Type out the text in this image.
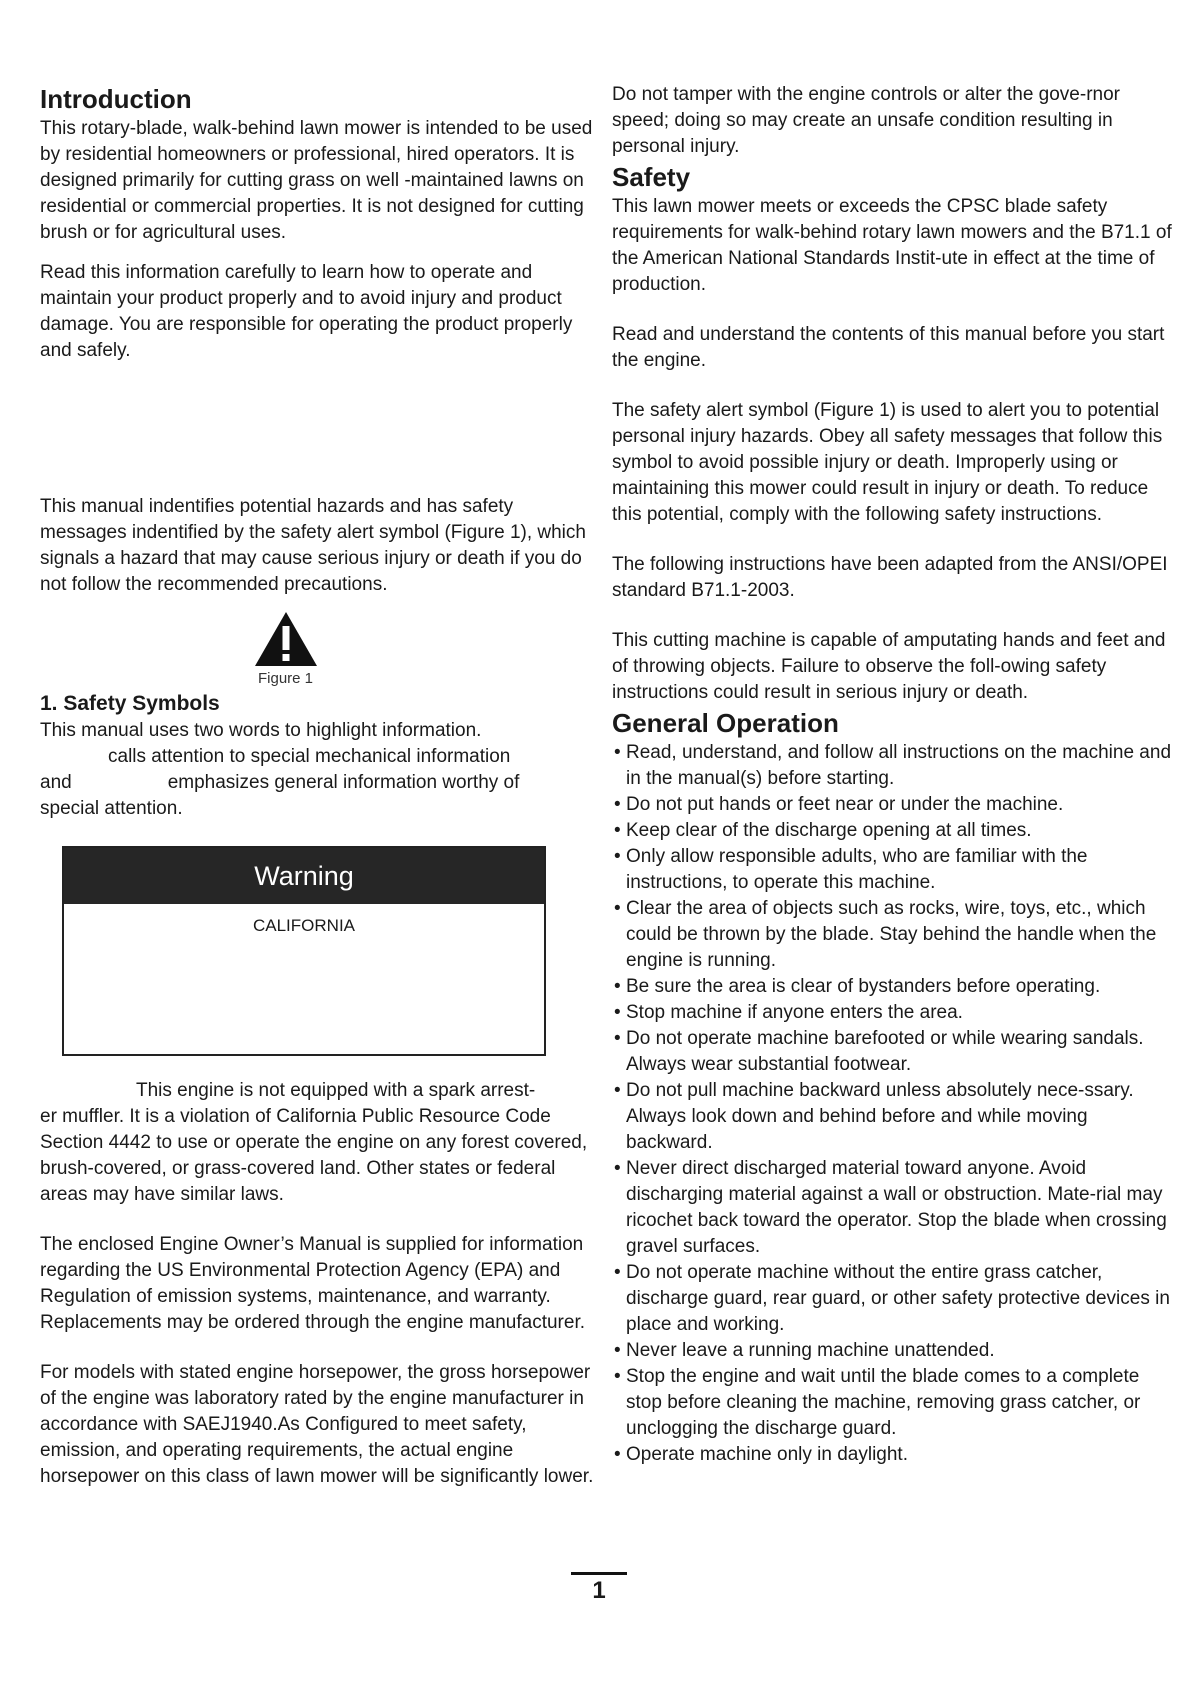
Introduction

This rotary-blade, walk-behind lawn mower is intended to be used by residential homeowners or professional, hired operators. It is designed primarily for cutting grass on well -maintained lawns on residential or commercial properties. It is not designed for cutting brush or for agricultural uses.

Read this information carefully to learn how to operate and maintain your product properly and to avoid injury and product damage. You are responsible for operating the product properly and safely.

This manual indentifies potential hazards and has safety messages indentified by the safety alert symbol (Figure 1), which signals a hazard that may cause serious injury or death if you do not follow the recommended precautions.

Figure 1
1. Safety Symbols

This manual uses two words to highlight information.

calls attention to special mechanical information

and	emphasizes general information worthy of

special attention.

Warning
CALIFORNIA

This engine is not equipped with a spark arrest-

er muffler. It is a violation of California Public Resource Code Section 4442 to use or operate the engine on any forest covered, brush-covered, or grass-covered land. Other states or federal areas may have similar laws.

The enclosed Engine Owner’s Manual is supplied for information regarding the US Environmental Protection Agency (EPA) and Regulation of emission systems, maintenance, and warranty. Replacements may be ordered through the engine manufacturer.

For models with stated engine horsepower, the gross horsepower of the engine was laboratory rated by the engine manufacturer in accordance with SAEJ1940.As Configured to meet safety, emission, and operating requirements, the actual engine horsepower on this class of lawn mower will be significantly lower.

Do not tamper with the engine controls or alter the gove-rnor speed; doing so may create an unsafe condition resulting in personal injury.

Safety

This lawn mower meets or exceeds the CPSC blade safety requirements for walk-behind rotary lawn mowers and the B71.1 of the American National Standards Instit-ute in effect at the time of production.

Read and understand the contents of this manual before you start the engine.

The safety alert symbol (Figure 1) is used to alert you to potential personal injury hazards. Obey all safety messages that follow this symbol to avoid possible injury or death. Improperly using or maintaining this mower could result in injury or death. To reduce this potential, comply with the following safety instructions.

The following instructions have been adapted from the ANSI/OPEI standard B71.1-2003.

This cutting machine is capable of amputating hands and feet and of throwing objects. Failure to observe the foll-owing safety instructions could result in serious injury or death.

General Operation
• Read, understand, and follow all instructions on the machine and in the manual(s) before starting.
• Do not put hands or feet near or under the machine.
• Keep clear of the discharge opening at all times.
• Only allow responsible adults, who are familiar with the instructions, to operate this machine.
• Clear the area of objects such as rocks, wire, toys, etc., which could be thrown by the blade. Stay behind the handle when the engine is running.
• Be sure the area is clear of bystanders before operating.
• Stop machine if anyone enters the area.
• Do not operate machine barefooted or while wearing sandals. Always wear substantial footwear.
• Do not pull machine backward unless absolutely nece-ssary. Always look down and behind before and while moving backward.
• Never direct discharged material toward anyone. Avoid discharging material against a wall or obstruction. Mate-rial may ricochet back toward the operator. Stop the blade when crossing gravel surfaces.
• Do not operate machine without the entire grass catcher, discharge guard, rear guard, or other safety protective devices in place and working.
• Never leave a running machine unattended.
• Stop the engine and wait until the blade comes to a complete stop before cleaning the machine, removing grass catcher, or unclogging the discharge guard.
• Operate machine only in daylight.
1
